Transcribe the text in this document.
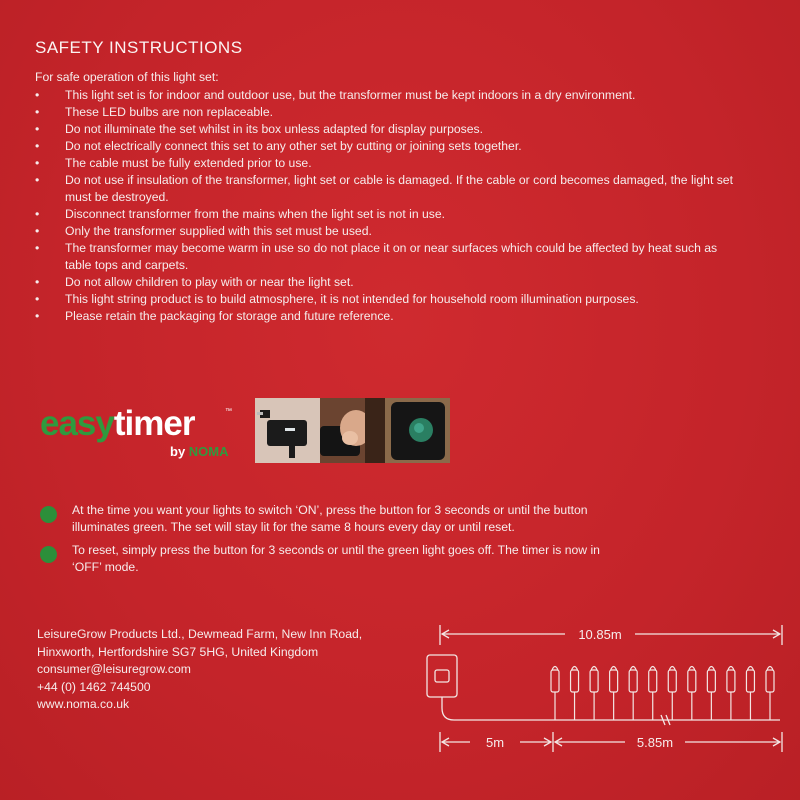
SAFETY INSTRUCTIONS
For safe operation of this light set:
• This light set is for indoor and outdoor use, but the transformer must be kept indoors in a dry environment.
• These LED bulbs are non replaceable.
• Do not illuminate the set whilst in its box unless adapted for display purposes.
• Do not electrically connect this set to any other set by cutting or joining sets together.
• The cable must be fully extended prior to use.
• Do not use if insulation of the transformer, light set or cable is damaged. If the cable or cord becomes damaged, the light set must be destroyed.
• Disconnect transformer from the mains when the light set is not in use.
• Only the transformer supplied with this set must be used.
• The transformer may become warm in use so do not place it on or near surfaces which could be affected by heat such as table tops and carpets.
• Do not allow children to play with or near the light set.
• This light string product is to build atmosphere, it is not intended for household room illumination purposes.
• Please retain the packaging for storage and future reference.
easytimer	™
by NOMA
At the time you want your lights to switch ‘ON’, press the button for 3 seconds or until the button illuminates green. The set will stay lit for the same 8 hours every day or until reset.
To reset, simply press the button for 3 seconds or until the green light goes off. The timer is now in ‘OFF’ mode.
LeisureGrow Products Ltd., Dewmead Farm, New Inn Road,
Hinxworth, Hertfordshire SG7 5HG, United Kingdom
consumer@leisuregrow.com
+44 (0) 1462 744500
www.noma.co.uk
10.85m
5m	5.85m
